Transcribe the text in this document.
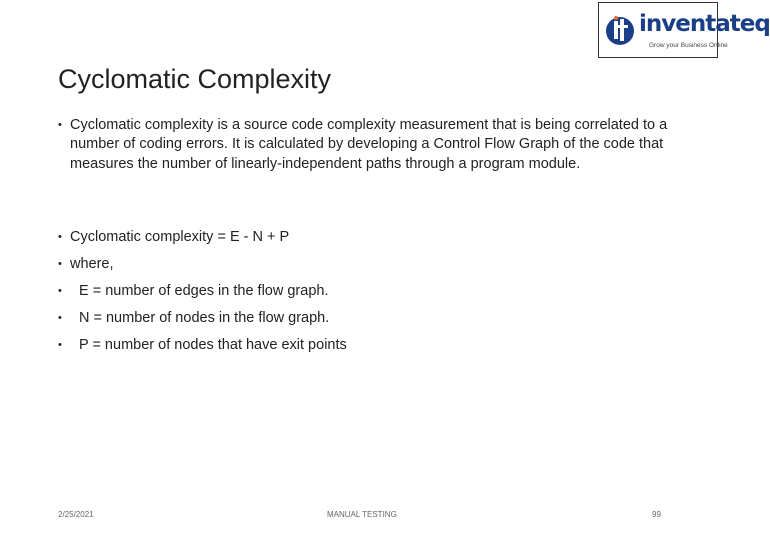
inventateq
Grow your Business Online
Cyclomatic Complexity
• Cyclomatic complexity is a source code complexity measurement that is being correlated to a number of coding errors. It is calculated by developing a Control Flow Graph of the code that measures the number of linearly-independent paths through a program module.
• Cyclomatic complexity = E - N + P
• where,
• E = number of edges in the flow graph.
• N = number of nodes in the flow graph.
• P = number of nodes that have exit points
2/25/2021	MANUAL TESTING	99
